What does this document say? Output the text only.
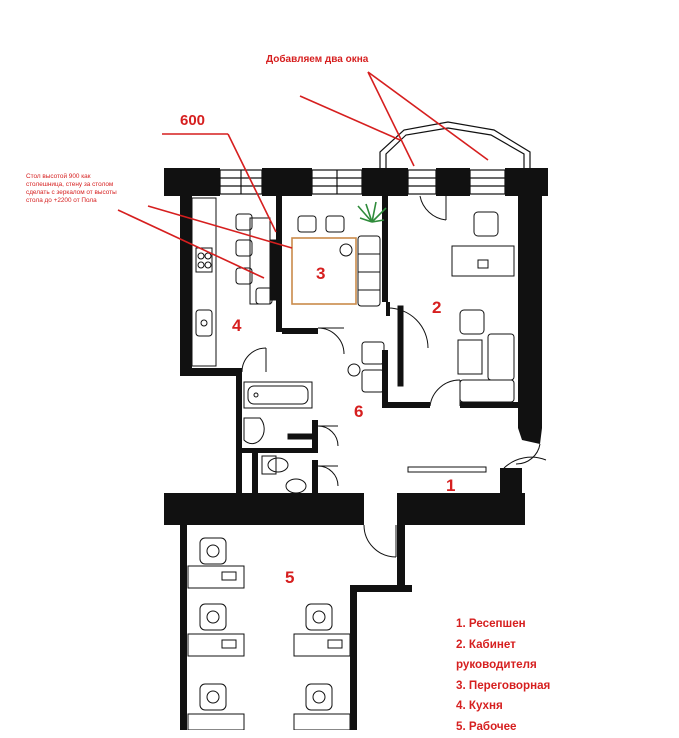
Добавляем два окна
600
Стол высотой 900 как
столешница, стену за столом
сделать с зеркалом от высоты
стола до +2200 от Пола
1
2
3
4
5
6
1. Ресепшен
2. Кабинет
руководителя
3. Переговорная
4. Кухня
5. Рабочее
